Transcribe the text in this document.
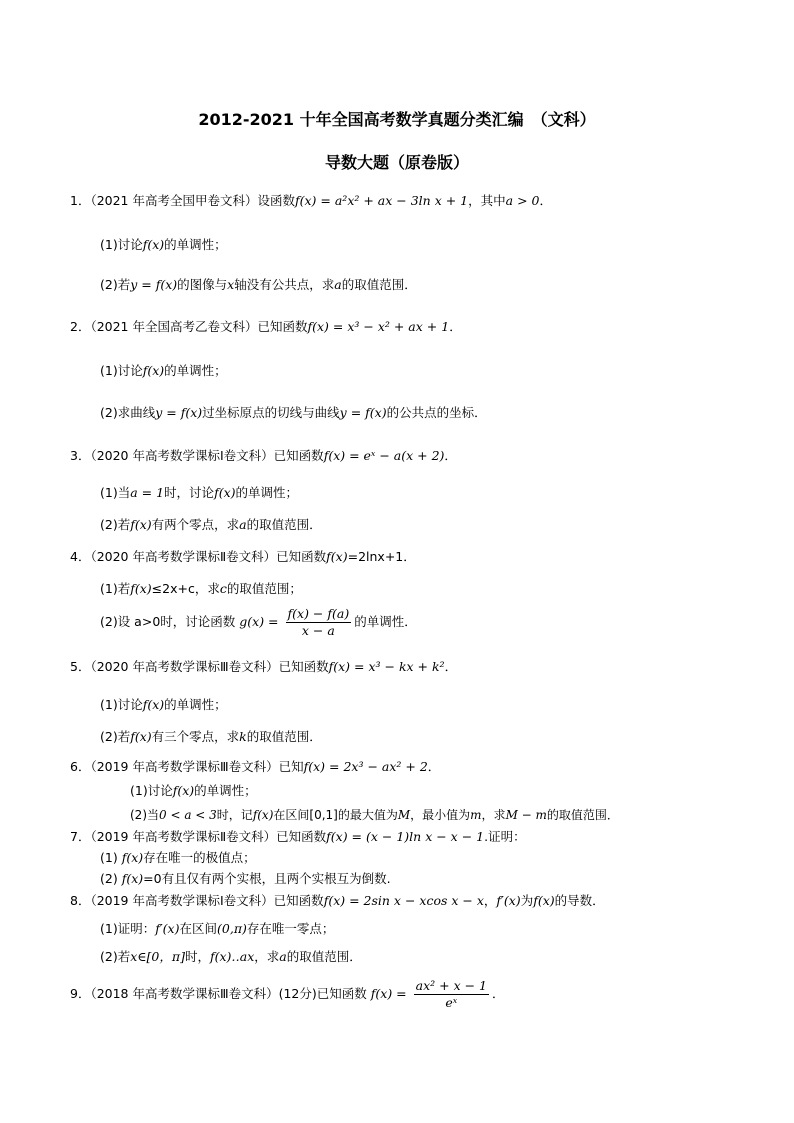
2012-2021 十年全国高考数学真题分类汇编　（文科）
导数大题（原卷版）
1．（2021 年高考全国甲卷文科）设函数f(x) = a²x² + ax − 3ln x + 1，其中a > 0．
(1)讨论f(x)的单调性；
(2)若y = f(x)的图像与x轴没有公共点，求a的取值范围．
2．（2021 年全国高考乙卷文科）已知函数f(x) = x³ − x² + ax + 1．
(1)讨论f(x)的单调性；
(2)求曲线y = f(x)过坐标原点的切线与曲线y = f(x)的公共点的坐标．
3．（2020 年高考数学课标Ⅰ卷文科）已知函数f(x) = eˣ − a(x + 2)．
(1)当a = 1时，讨论f(x)的单调性；
(2)若f(x)有两个零点，求a的取值范围．
4．（2020 年高考数学课标Ⅱ卷文科）已知函数f(x)=2lnx+1．
(1)若f(x)≤2x+c，求c的取值范围；
(2)设 a>0时，讨论函数 $g(x) = \frac{f(x) - f(a)}{x - a}$ 的单调性．
5．（2020 年高考数学课标Ⅲ卷文科）已知函数f(x) = x³ − kx + k²．
(1)讨论f(x)的单调性；
(2)若f(x)有三个零点，求k的取值范围．
6．（2019 年高考数学课标Ⅲ卷文科）已知f(x) = 2x³ − ax² + 2．
(1)讨论f(x)的单调性；
(2)当0 < a < 3时，记f(x)在区间[0,1]的最大值为M，最小值为m，求M − m的取值范围．
7．（2019 年高考数学课标Ⅱ卷文科）已知函数f(x) = (x − 1)ln x − x − 1.证明：
(1) f(x)存在唯一的极值点；
(2) f(x)=0有且仅有两个实根，且两个实根互为倒数.
8．（2019 年高考数学课标Ⅰ卷文科）已知函数f(x) = 2sin x − xcos x − x，f′(x)为f(x)的导数．
(1)证明：f′(x)在区间(0,π)存在唯一零点；
(2)若x∈[0，π]时，f(x)‥ax，求a的取值范围．
9．（2018 年高考数学课标Ⅲ卷文科）(12分)已知函数 $f(x) = \frac{\text{ax² + x − 1}}{\text{eˣ}}$ ．
